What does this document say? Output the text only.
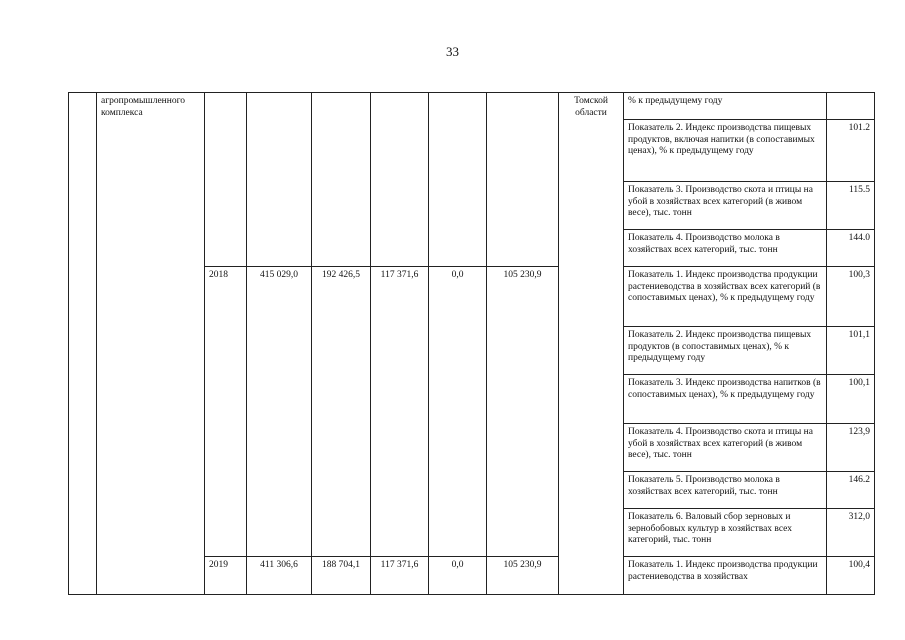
33
	агропромышленного комплекса							Томской области	% к предыдущему году	
									Показатель 2. Индекс производства пищевых продуктов, включая напитки (в сопоставимых ценах), % к предыдущему году	101.2
									Показатель 3. Производство скота и птицы на убой в хозяйствах всех категорий (в живом весе), тыс. тонн	115.5
									Показатель 4. Производство молока в хозяйствах всех категорий, тыс. тонн	144.0
		2018	415 029,0	192 426,5	117 371,6	0,0	105 230,9		Показатель 1. Индекс производства продукции растениеводства в хозяйствах всех категорий (в сопоставимых ценах), % к предыдущему году	100,3
									Показатель 2. Индекс производства пищевых продуктов (в сопоставимых ценах), % к предыдущему году	101,1
									Показатель 3. Индекс производства напитков (в сопоставимых ценах), % к предыдущему году	100,1
									Показатель 4. Производство скота и птицы на убой в хозяйствах всех категорий (в живом весе), тыс. тонн	123,9
									Показатель 5. Производство молока в хозяйствах всех категорий, тыс. тонн	146.2
									Показатель 6. Валовый сбор зерновых и зернобобовых культур в хозяйствах всех категорий, тыс. тонн	312,0
		2019	411 306,6	188 704,1	117 371,6	0,0	105 230,9		Показатель 1. Индекс производства продукции растениеводства в хозяйствах	100,4
